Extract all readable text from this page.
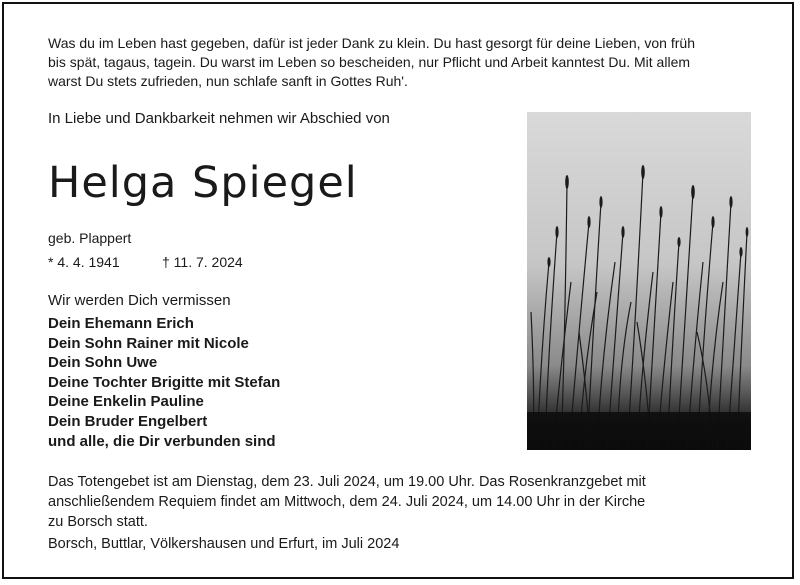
Was du im Leben hast gegeben, dafür ist jeder Dank zu klein. Du hast gesorgt für deine Lieben, von früh
bis spät, tagaus, tagein. Du warst im Leben so bescheiden, nur Pflicht und Arbeit kanntest Du. Mit allem
warst Du stets zufrieden, nun schlafe sanft in Gottes Ruh'.
In Liebe und Dankbarkeit nehmen wir Abschied von
Helga Spiegel
geb. Plappert
* 4. 4. 1941	† 11. 7. 2024
Wir werden Dich vermissen
Dein Ehemann Erich
Dein Sohn Rainer mit Nicole
Dein Sohn Uwe
Deine Tochter Brigitte mit Stefan
Deine Enkelin Pauline
Dein Bruder Engelbert
und alle, die Dir verbunden sind
Das Totengebet ist am Dienstag, dem 23. Juli 2024, um 19.00 Uhr. Das Rosenkranzgebet mit
anschließendem Requiem findet am Mittwoch, dem 24. Juli 2024, um 14.00 Uhr in der Kirche
zu Borsch statt.
Borsch, Buttlar, Völkershausen und Erfurt, im Juli 2024
